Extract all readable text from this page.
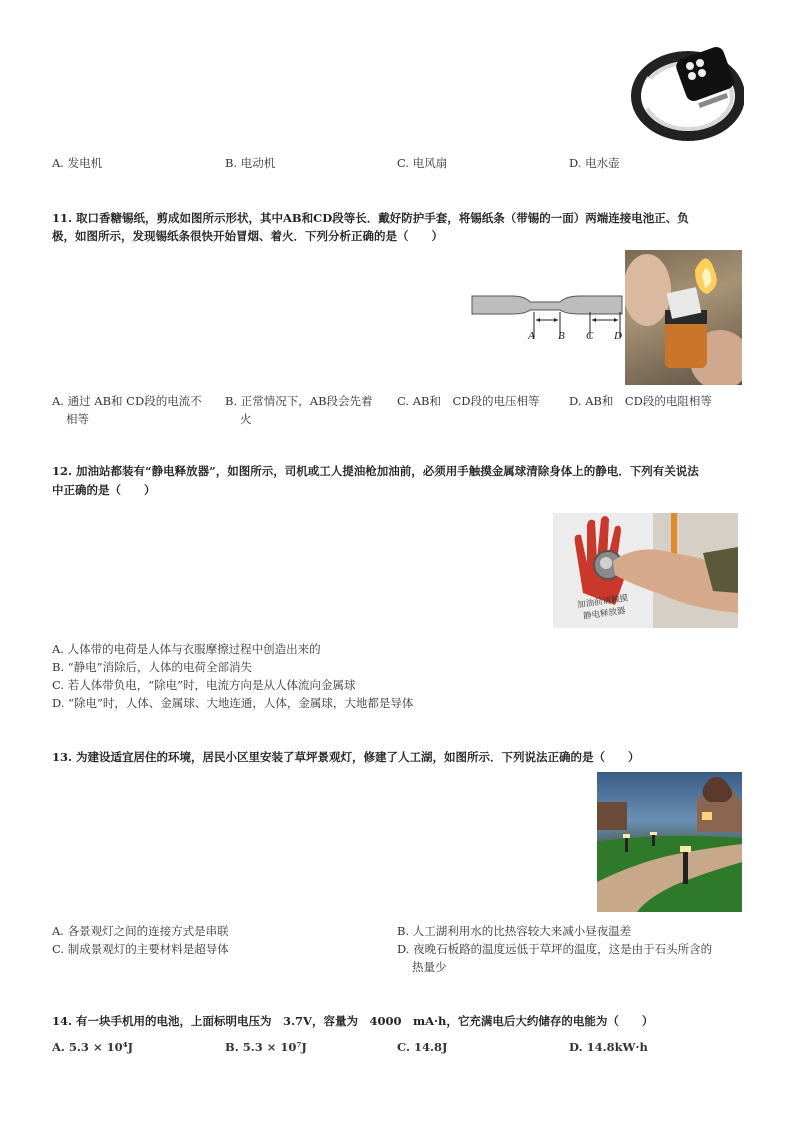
A. 发电机	B. 电动机	C. 电风扇	D. 电水壶
11. 取口香糖锡纸，剪成如图所示形状，其中AB和CD段等长．戴好防护手套，将锡纸条（带锡的一面）两端连接电池正、负
极，如图所示，发现锡纸条很快开始冒烟、着火．下列分析正确的是（　　）
A B C D
A. 通过 AB和 CD段的电流不
相等
B. 正常情况下，AB段会先着
火
C. AB和　CD段的电压相等	D. AB和　CD段的电阻相等
12. 加油站都装有“静电释放器”，如图所示，司机或工人提油枪加油前，必须用手触摸金属球清除身体上的静电．下列有关说法
中正确的是（　　）
加油前请触摸
静电释放器
A. 人体带的电荷是人体与衣服摩擦过程中创造出来的
B. “静电”消除后，人体的电荷全部消失
C. 若人体带负电，“除电”时，电流方向是从人体流向金属球
D. “除电”时，人体、金属球、大地连通，人体，金属球，大地都是导体
13. 为建设适宜居住的环境，居民小区里安装了草坪景观灯，修建了人工湖，如图所示．下列说法正确的是（　　）
A. 各景观灯之间的连接方式是串联	B. 人工湖利用水的比热容较大来减小昼夜温差
C. 制成景观灯的主要材料是超导体	D. 夜晚石板路的温度远低于草坪的温度，这是由于石头所含的
热量少
14. 有一块手机用的电池，上面标明电压为　3.7V，容量为　4000　mA·h，它充满电后大约储存的电能为（　　）
A. 5.3 × 10⁴J	B. 5.3 × 10⁷J	C. 14.8J	D. 14.8kW·h
